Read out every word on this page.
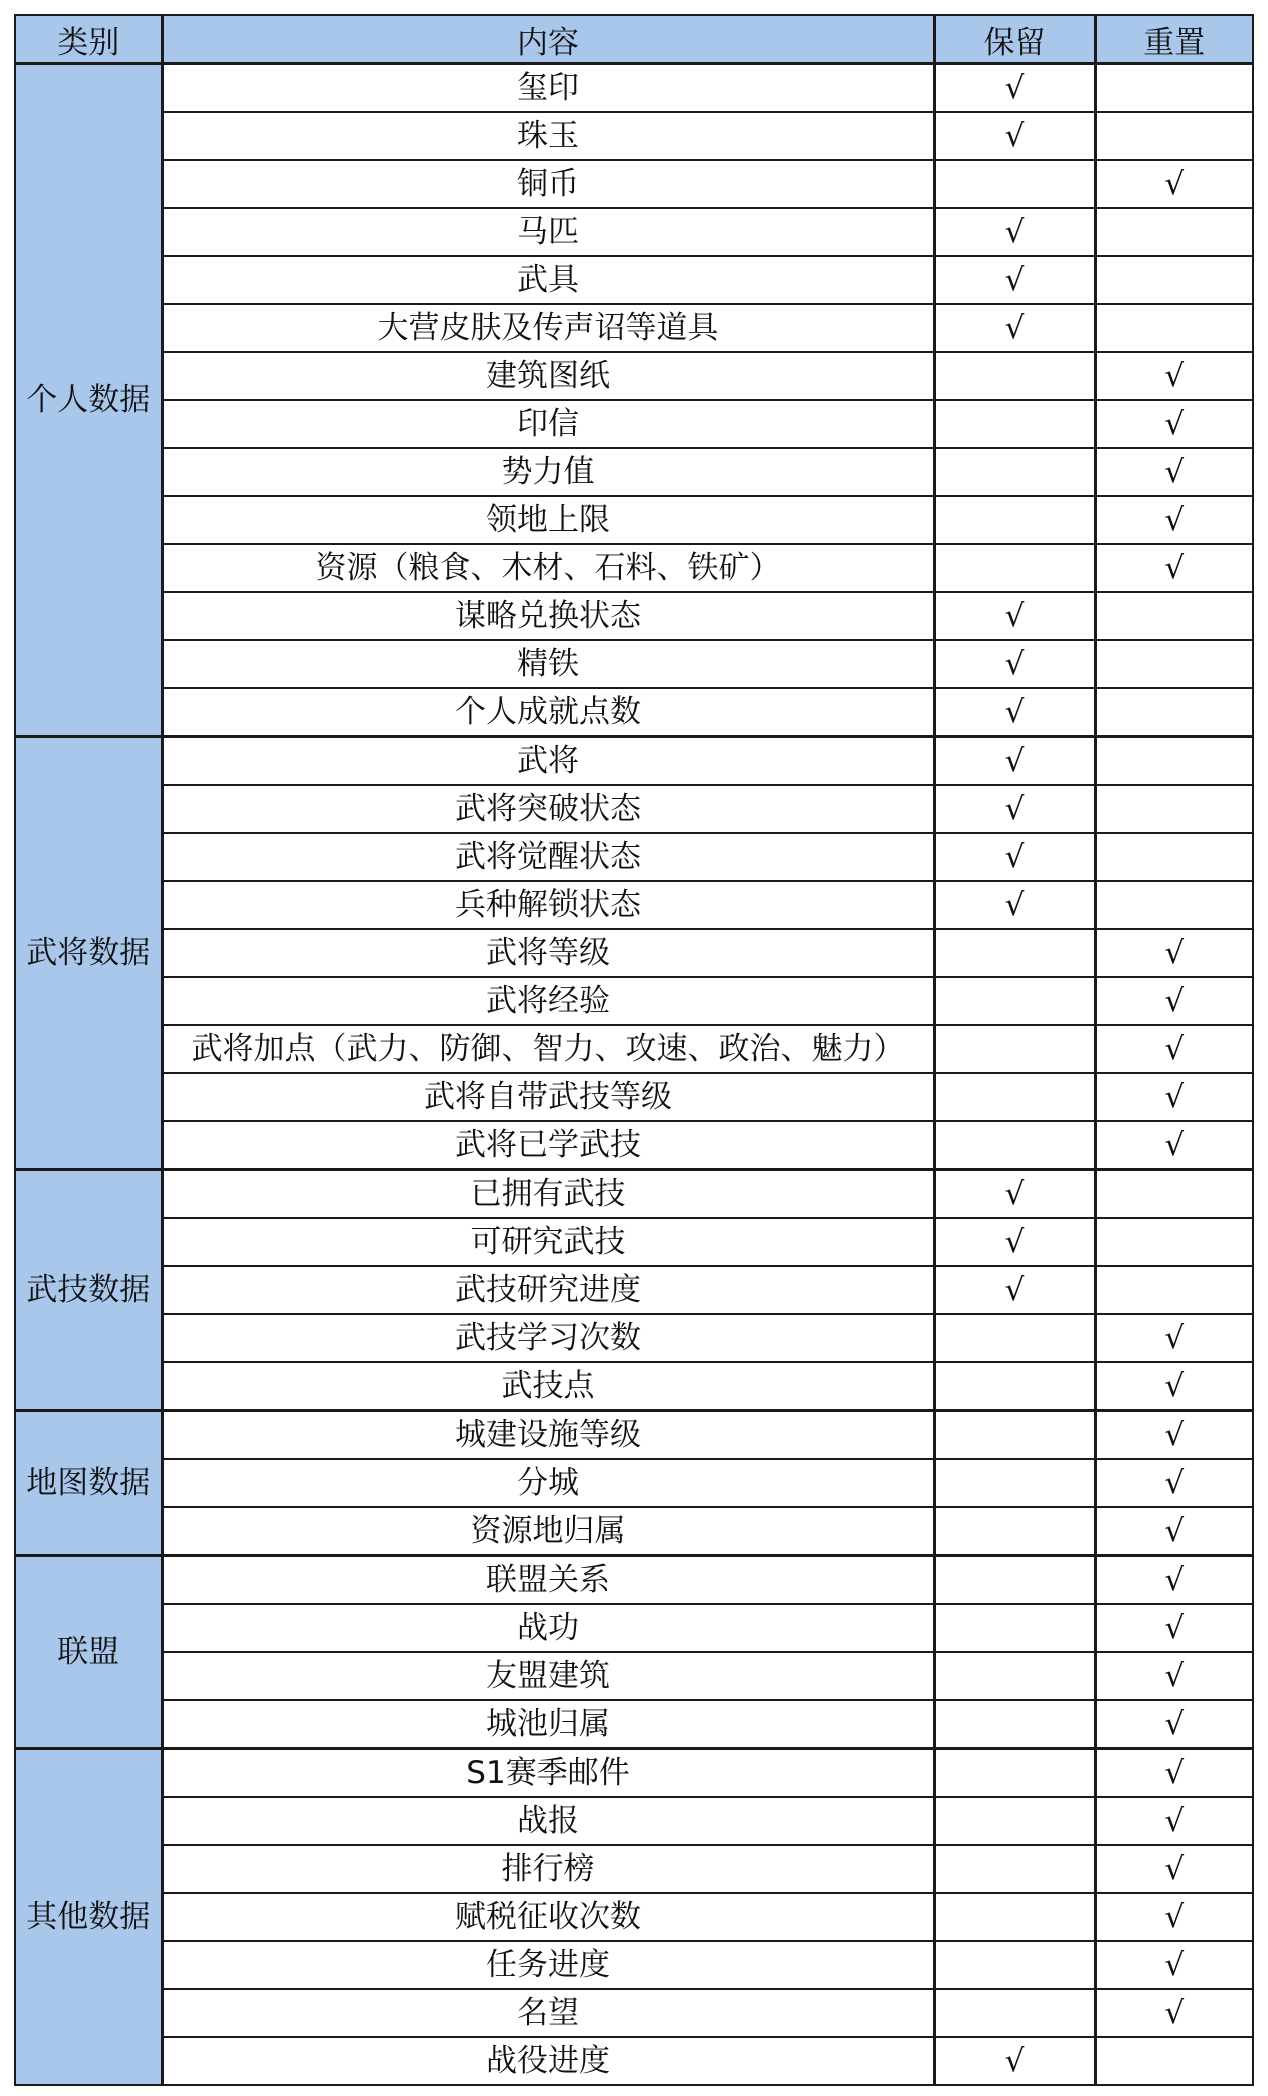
类别	内容	保留	重置
个人数据	玺印	√	
	珠玉	√	
	铜币		√
	马匹	√	
	武具	√	
	大营皮肤及传声诏等道具	√	
	建筑图纸		√
	印信		√
	势力值		√
	领地上限		√
	资源（粮食、木材、石料、铁矿）		√
	谋略兑换状态	√	
	精铁	√	
	个人成就点数	√	
武将数据	武将	√	
	武将突破状态	√	
	武将觉醒状态	√	
	兵种解锁状态	√	
	武将等级		√
	武将经验		√
	武将加点（武力、防御、智力、攻速、政治、魅力）		√
	武将自带武技等级		√
	武将已学武技		√
武技数据	已拥有武技	√	
	可研究武技	√	
	武技研究进度	√	
	武技学习次数		√
	武技点		√
地图数据	城建设施等级		√
	分城		√
	资源地归属		√
联盟	联盟关系		√
	战功		√
	友盟建筑		√
	城池归属		√
其他数据	S1赛季邮件		√
	战报		√
	排行榜		√
	赋税征收次数		√
	任务进度		√
	名望		√
	战役进度	√	
